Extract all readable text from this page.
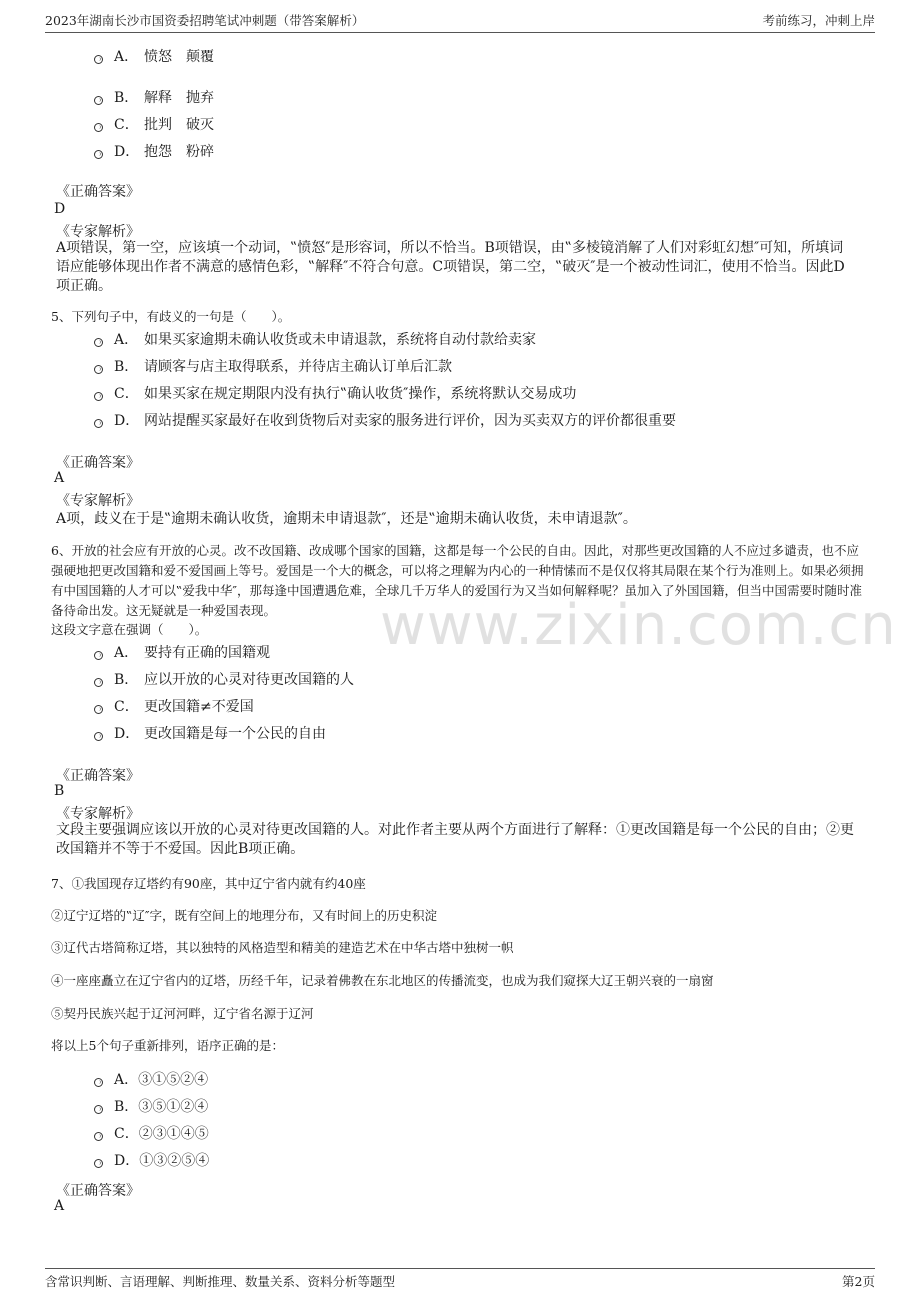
2023年湖南长沙市国资委招聘笔试冲刺题（带答案解析）	考前练习，冲刺上岸
www.zixin.com.cn
A． 愤怒 颠覆
B． 解释 抛弃
C． 批判 破灭
D． 抱怨 粉碎
《正确答案》
D
《专家解析》
A项错误，第一空，应该填一个动词，‟愤怒″是形容词，所以不恰当。B项错误，由‟多棱镜消解了人们对彩虹幻想″可知，所填词语应能够体现出作者不满意的感情色彩，‟解释″不符合句意。C项错误，第二空，‟破灭″是一个被动性词汇，使用不恰当。因此D项正确。
5、下列句子中，有歧义的一句是（　　）。
A． 如果买家逾期未确认收货或未申请退款，系统将自动付款给卖家
B． 请顾客与店主取得联系，并待店主确认订单后汇款
C． 如果买家在规定期限内没有执行‟确认收货″操作，系统将默认交易成功
D． 网站提醒买家最好在收到货物后对卖家的服务进行评价，因为买卖双方的评价都很重要
《正确答案》
A
《专家解析》
A项，歧义在于是‟逾期未确认收货，逾期未申请退款″，还是‟逾期未确认收货，未申请退款″。
6、开放的社会应有开放的心灵。改不改国籍、改成哪个国家的国籍，这都是每一个公民的自由。因此，对那些更改国籍的人不应过多谴责，也不应强硬地把更改国籍和爱不爱国画上等号。爱国是一个大的概念，可以将之理解为内心的一种情愫而不是仅仅将其局限在某个行为准则上。如果必须拥有中国国籍的人才可以‟爱我中华″，那每逢中国遭遇危难，全球几千万华人的爱国行为又当如何解释呢？虽加入了外国国籍，但当中国需要时随时准备待命出发。这无疑就是一种爱国表现。
这段文字意在强调（　　）。
A． 要持有正确的国籍观
B． 应以开放的心灵对待更改国籍的人
C． 更改国籍≠不爱国
D． 更改国籍是每一个公民的自由
《正确答案》
B
《专家解析》
文段主要强调应该以开放的心灵对待更改国籍的人。对此作者主要从两个方面进行了解释：①更改国籍是每一个公民的自由；②更改国籍并不等于不爱国。因此B项正确。
7、①我国现存辽塔约有90座，其中辽宁省内就有约40座
②辽宁辽塔的‟辽″字，既有空间上的地理分布，又有时间上的历史积淀
③辽代古塔简称辽塔，其以独特的风格造型和精美的建造艺术在中华古塔中独树一帜
④一座座矗立在辽宁省内的辽塔，历经千年，记录着佛教在东北地区的传播流变，也成为我们窥探大辽王朝兴衰的一扇窗
⑤契丹民族兴起于辽河河畔，辽宁省名源于辽河
将以上5个句子重新排列，语序正确的是：
A．③①⑤②④
B．③⑤①②④
C．②③①④⑤
D．①③②⑤④
《正确答案》
A
含常识判断、言语理解、判断推理、数量关系、资料分析等题型	第2页
